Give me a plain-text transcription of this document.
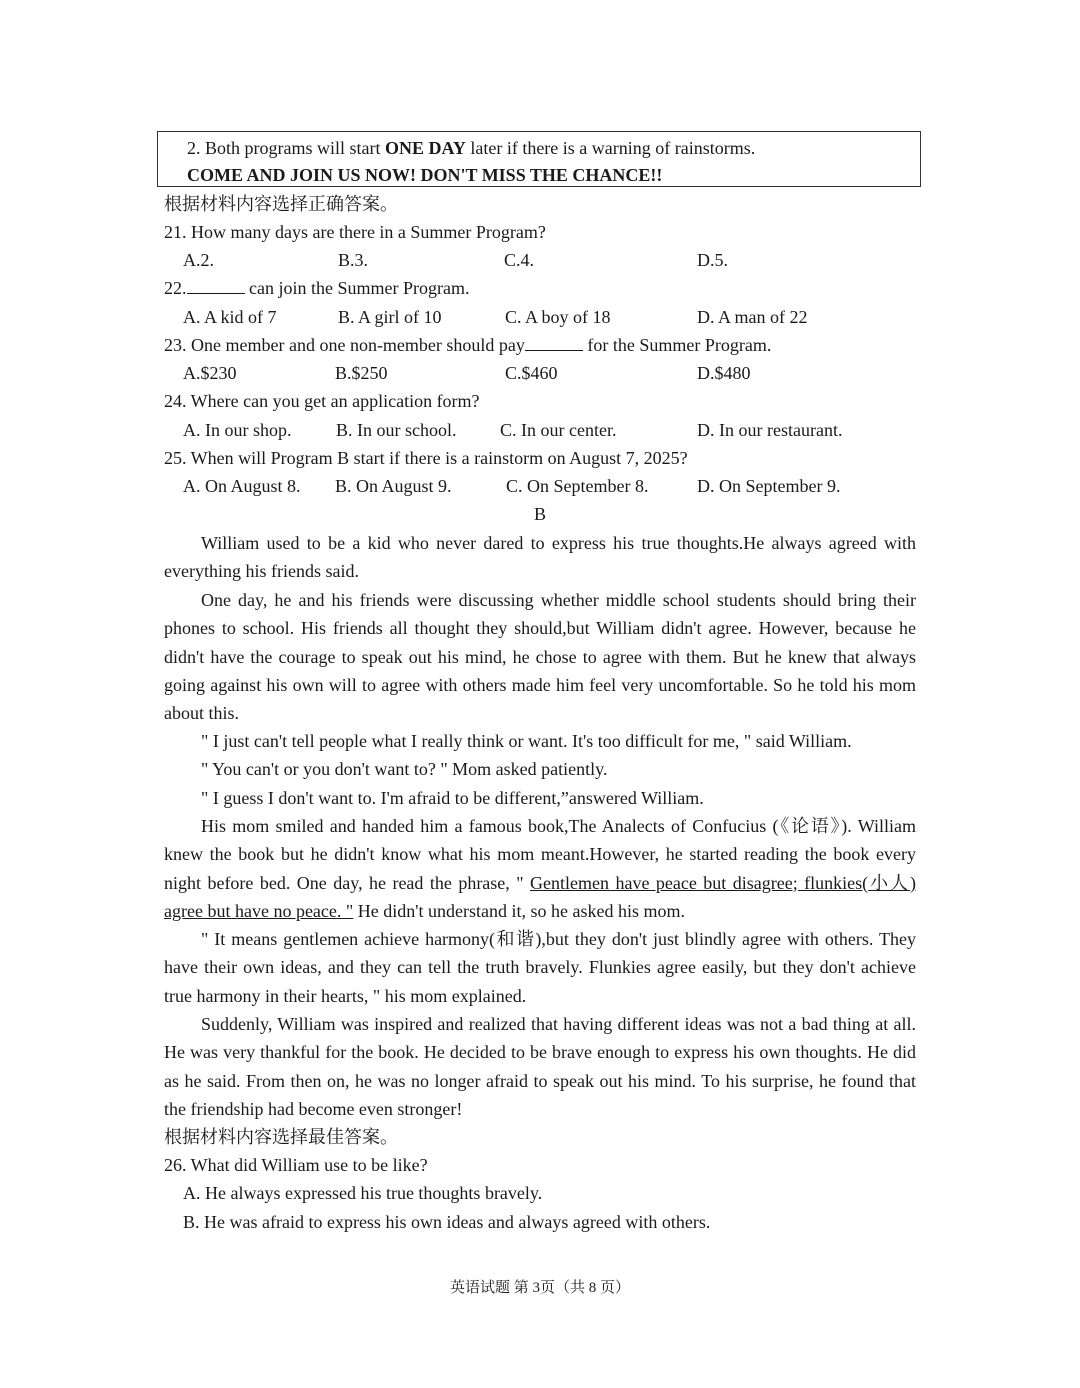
2. Both programs will start ONE DAY later if there is a warning of rainstorms.
COME AND JOIN US NOW! DON'T MISS THE CHANCE!!
根据材料内容选择正确答案。
21. How many days are there in a Summer Program?
A.2.	B.3.	C.4.	D.5.
22.	can join the Summer Program.
A. A kid of 7	B. A girl of 10	C. A boy of 18	D. A man of 22
23. One member and one non-member should pay	for the Summer Program.
A.$230	B.$250	C.$460	D.$480
24. Where can you get an application form?
A. In our shop. B. In our school. C. In our center.	D. In our restaurant.
25. When will Program B start if there is a rainstorm on August 7, 2025?
A. On August 8. B. On August 9.	C. On September 8.	D. On September 9.
B
William used to be a kid who never dared to express his true thoughts.He always agreed with everything his friends said.
One day, he and his friends were discussing whether middle school students should bring their phones to school. His friends all thought they should,but William didn't agree. However, because he didn't have the courage to speak out his mind, he chose to agree with them. But he knew that always going against his own will to agree with others made him feel very uncomfortable. So he told his mom about this.
" I just can't tell people what I really think or want. It's too difficult for me, " said William.
" You can't or you don't want to? " Mom asked patiently.
" I guess I don't want to. I'm afraid to be different,”answered William.
His mom smiled and handed him a famous book,The Analects of Confucius (《论语》). William knew the book but he didn't know what his mom meant.However, he started reading the book every night before bed. One day, he read the phrase, " Gentlemen have peace but disagree; flunkies(小人) agree but have no peace. " He didn't understand it, so he asked his mom.
" It means gentlemen achieve harmony(和谐),but they don't just blindly agree with others. They have their own ideas, and they can tell the truth bravely. Flunkies agree easily, but they don't achieve true harmony in their hearts, " his mom explained.
Suddenly, William was inspired and realized that having different ideas was not a bad thing at all. He was very thankful for the book. He decided to be brave enough to express his own thoughts. He did as he said. From then on, he was no longer afraid to speak out his mind. To his surprise, he found that the friendship had become even stronger!
根据材料内容选择最佳答案。
26. What did William use to be like?
A. He always expressed his true thoughts bravely.
B. He was afraid to express his own ideas and always agreed with others.
英语试题 第 3页（共 8 页）
